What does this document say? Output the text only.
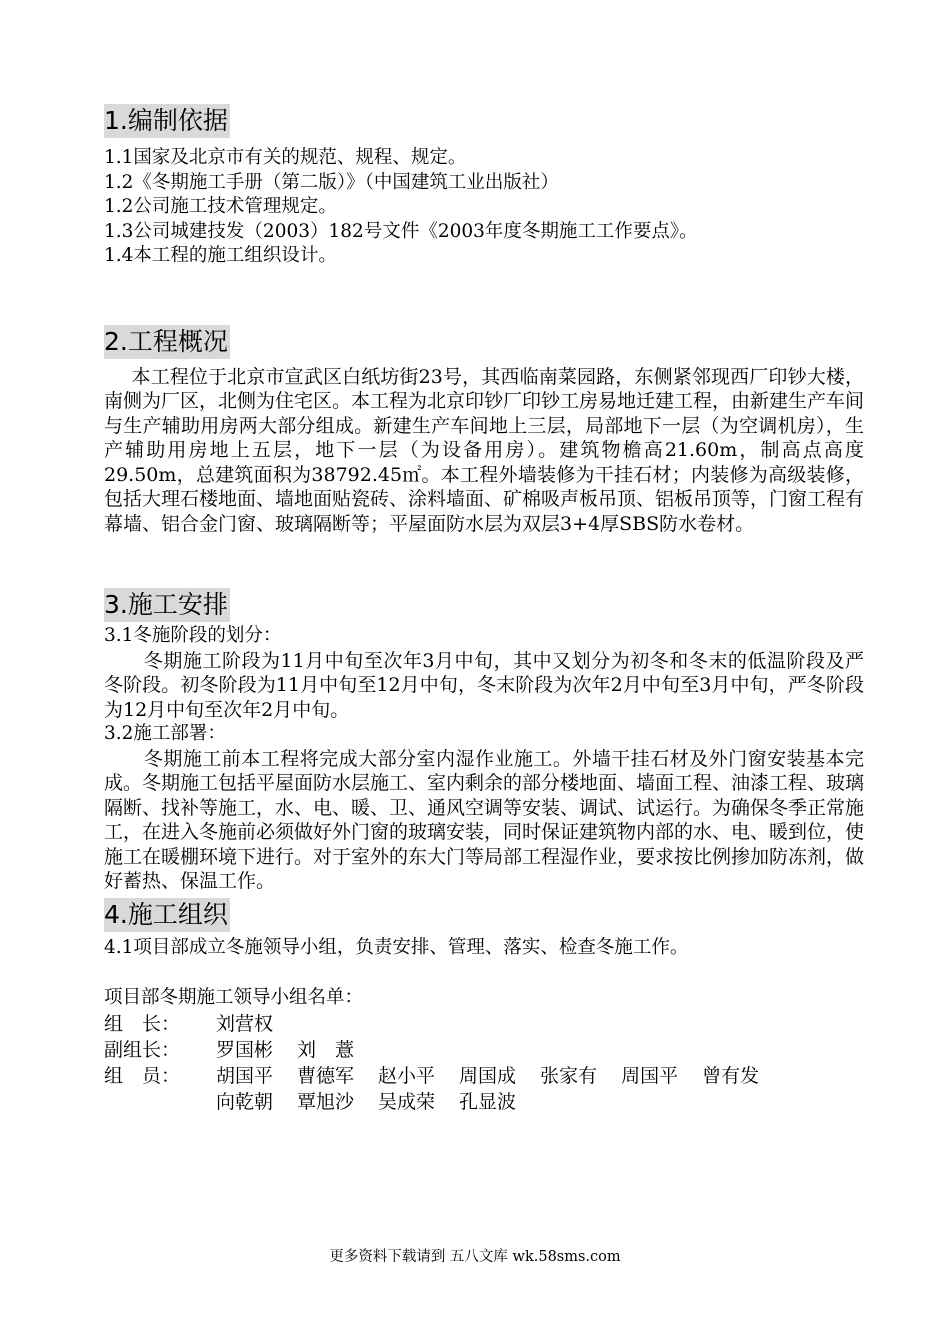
1.编制依据

1.1国家及北京市有关的规范、规程、规定。

1.2《冬期施工手册（第二版）》（中国建筑工业出版社）

1.2公司施工技术管理规定。

1.3公司城建技发（2003）182号文件《2003年度冬期施工工作要点》。

1.4本工程的施工组织设计。

2.工程概况

本工程位于北京市宣武区白纸坊街23号，其西临南菜园路，东侧紧邻现西厂印钞大楼，南侧为厂区，北侧为住宅区。本工程为北京印钞厂印钞工房易地迁建工程，由新建生产车间与生产辅助用房两大部分组成。新建生产车间地上三层，局部地下一层（为空调机房），生产辅助用房地上五层，地下一层（为设备用房）。建筑物檐高21.60m，制高点高度29.50m，总建筑面积为38792.45㎡。本工程外墙装修为干挂石材；内装修为高级装修，包括大理石楼地面、墙地面贴瓷砖、涂料墙面、矿棉吸声板吊顶、铝板吊顶等，门窗工程有幕墙、铝合金门窗、玻璃隔断等；平屋面防水层为双层3+4厚SBS防水卷材。

3.施工安排

3.1冬施阶段的划分：

冬期施工阶段为11月中旬至次年3月中旬，其中又划分为初冬和冬末的低温阶段及严冬阶段。初冬阶段为11月中旬至12月中旬，冬末阶段为次年2月中旬至3月中旬，严冬阶段为12月中旬至次年2月中旬。

3.2施工部署：

冬期施工前本工程将完成大部分室内湿作业施工。外墙干挂石材及外门窗安装基本完成。冬期施工包括平屋面防水层施工、室内剩余的部分楼地面、墙面工程、油漆工程、玻璃隔断、找补等施工，水、电、暖、卫、通风空调等安装、调试、试运行。为确保冬季正常施工，在进入冬施前必须做好外门窗的玻璃安装，同时保证建筑物内部的水、电、暖到位，使施工在暖棚环境下进行。对于室外的东大门等局部工程湿作业，要求按比例掺加防冻剂，做好蓄热、保温工作。

4.施工组织

4.1项目部成立冬施领导小组，负责安排、管理、落实、检查冬施工作。

项目部冬期施工领导小组名单：

组　长：	刘营权
副组长：	罗国彬 刘　薏
组　员：	胡国平 曹德军 赵小平 周国成 张家有 周国平 曾有发
向乾朝 覃旭沙 吴成荣 孔显波
更多资料下载请到 五八文库 wk.58sms.com
